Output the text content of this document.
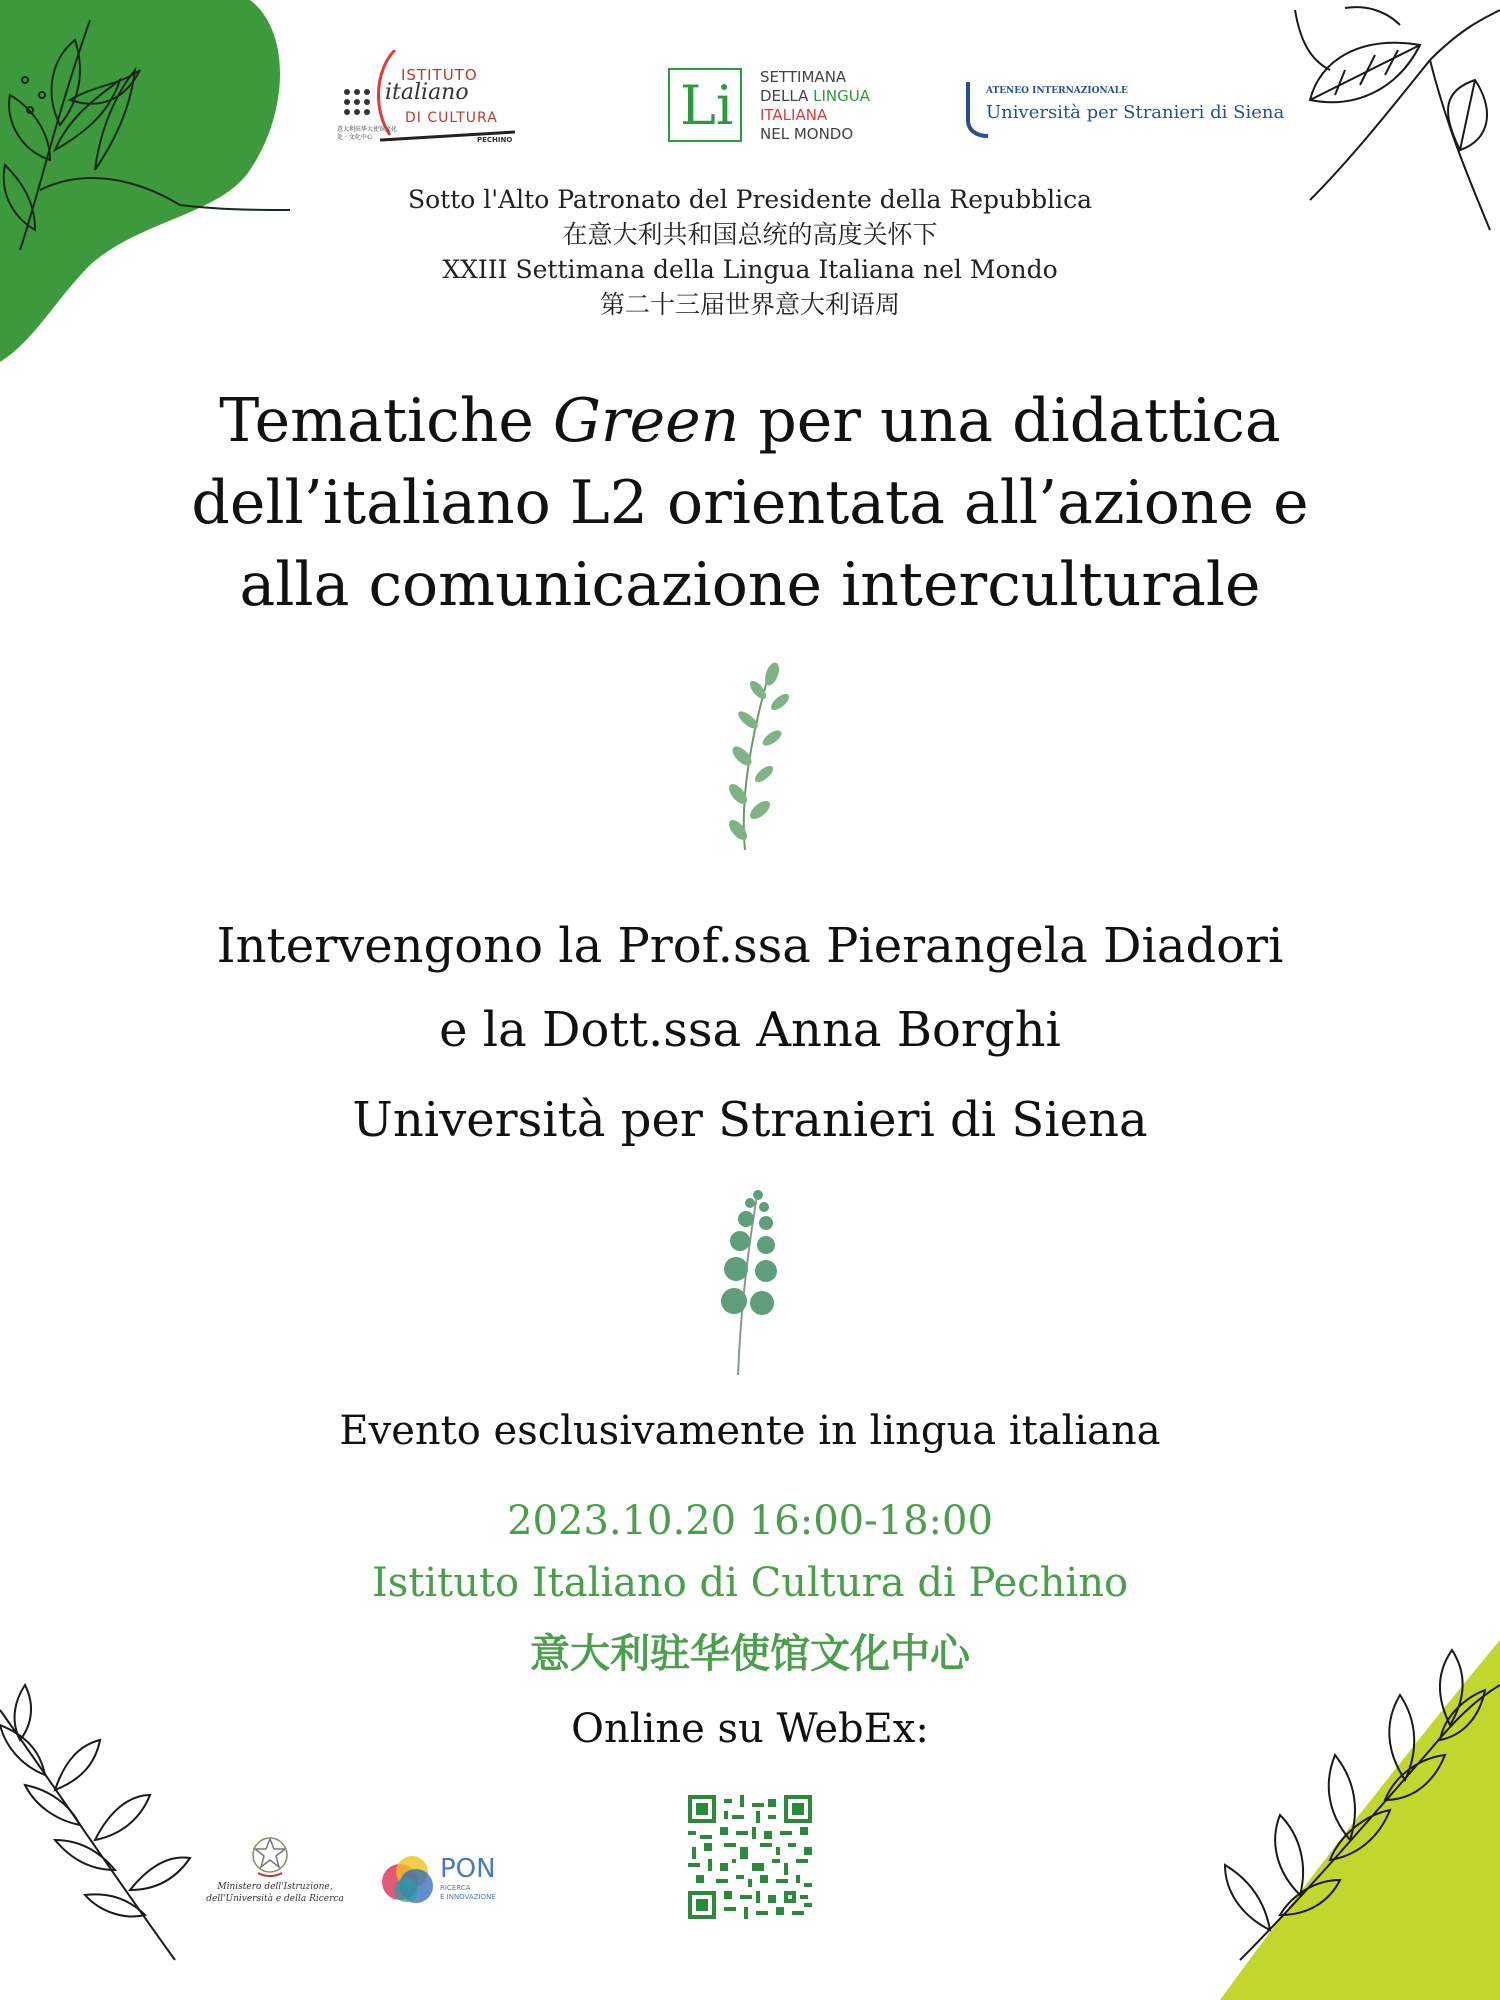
ISTITUTO
italiano
DI CULTURA
意大利驻华大使馆文化处 · 文化中心	PECHINO
Li SETTIMANA
DELLA LINGUA
ITALIANA
NEL MONDO
ATENEO INTERNAZIONALE
Università per Stranieri di Siena
Sotto l'Alto Patronato del Presidente della Repubblica
在意大利共和国总统的高度关怀下
XXIII Settimana della Lingua Italiana nel Mondo
第二十三届世界意大利语周
Tematiche Green per una didattica
dell’italiano L2 orientata all’azione e
alla comunicazione interculturale
Intervengono la Prof.ssa Pierangela Diadori
e la Dott.ssa Anna Borghi
Università per Stranieri di Siena
Evento esclusivamente in lingua italiana
2023.10.20 16:00-18:00
Istituto Italiano di Cultura di Pechino
意大利驻华使馆文化中心
Online su WebEx:
Ministero dell'Istruzione,
dell'Università e della Ricerca
PON
RICERCA
E INNOVAZIONE
